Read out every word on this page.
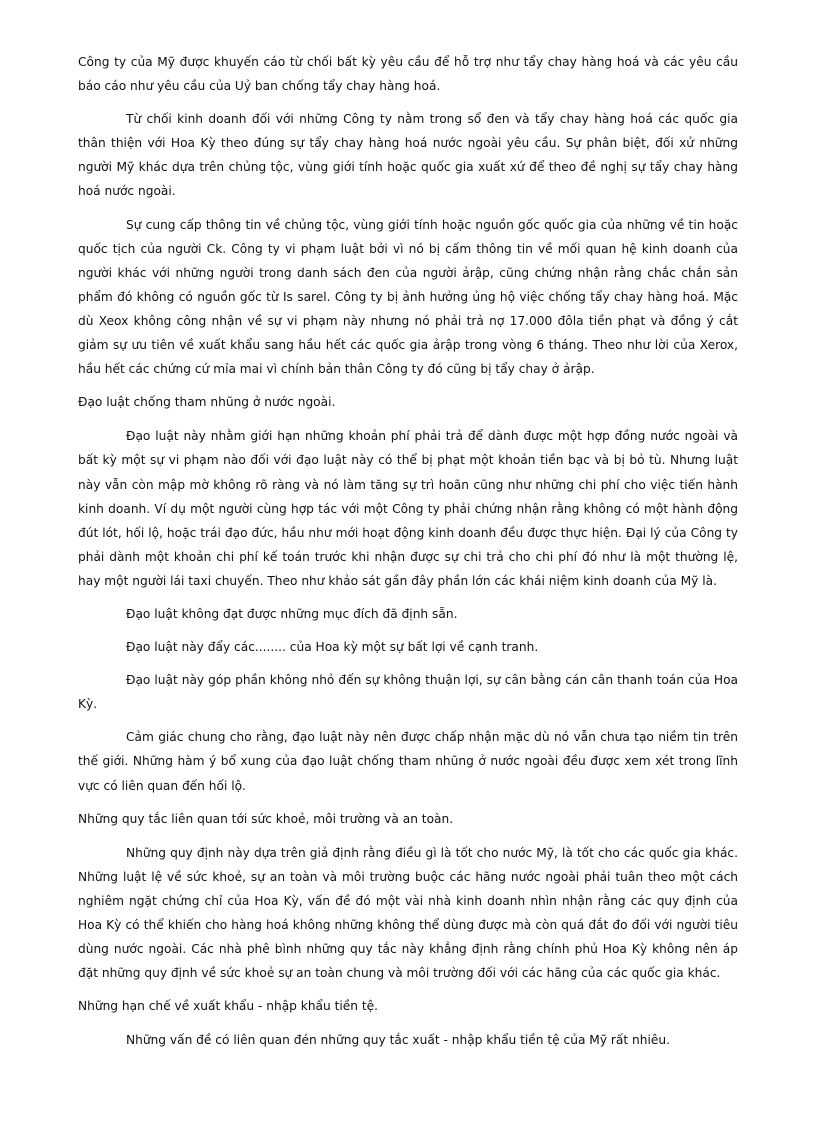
Công ty của Mỹ được khuyến cáo từ chối bất kỳ yêu cầu để hỗ trợ như tẩy chay hàng hoá và các yêu cầu báo cáo như yêu cầu của Uỷ ban chống tẩy chay hàng hoá.

Từ chối kinh doanh đối với những Công ty nằm trong sổ đen và tẩy chay hàng hoá các quốc gia thân thiện với Hoa Kỳ theo đúng sự tẩy chay hàng hoá nước ngoài yêu cầu. Sự phân biệt, đối xử những người Mỹ khác dựa trên chủng tộc, vùng giới tính hoặc quốc gia xuất xứ để theo đề nghị sự tẩy chay hàng hoá nước ngoài.

Sự cung cấp thông tin về chủng tộc, vùng giới tính hoặc nguồn gốc quốc gia của những về tin hoặc quốc tịch của người Ck. Công ty vi phạm luật bởi vì nó bị cấm thông tin về mối quan hệ kinh doanh của người khác với những người trong danh sách đen của người ảrập, cũng chứng nhận rằng chắc chắn sản phẩm đó không có nguồn gốc từ Is sarel. Công ty bị ảnh hưởng ủng hộ việc chống tẩy chay hàng hoá. Mặc dù Xeox không công nhận về sự vi phạm này nhưng nó phải trả nợ 17.000 đôla tiền phạt và đồng ý cắt giảm sự ưu tiên về xuất khẩu sang hầu hết các quốc gia ảrập trong vòng 6 tháng. Theo như lời của Xerox, hầu hết các chứng cứ mỉa mai vì chính bản thân Công ty đó cũng bị tẩy chay ở ảrập.

Đạo luật chống tham nhũng ở nước ngoài.

Đạo luật này nhằm giới hạn những khoản phí phải trả để dành được một hợp đồng nước ngoài và bất kỳ một sự vi phạm nào đối với đạo luật này có thể bị phạt một khoản tiền bạc và bị bỏ tù. Nhưng luật này vẫn còn mập mờ không rõ ràng và nó làm tăng sự trì hoãn cũng như những chi phí cho việc tiến hành kinh doanh. Ví dụ một người cùng hợp tác với một Công ty phải chứng nhận rằng không có một hành động đút lót, hối lộ, hoặc trái đạo đức, hầu như mới hoạt động kinh doanh đều được thực hiện. Đại lý của Công ty phải dành một khoản chi phí kế toán trước khi nhận được sự chi trả cho chi phí đó như là một thường lệ, hay một người lái taxi chuyến. Theo như khảo sát gần đây phần lớn các khái niệm kinh doanh của Mỹ là.

Đạo luật không đạt được những mục đích đã định sẵn.

Đạo luật này đẩy các........ của Hoa kỳ một sự bất lợi về cạnh tranh.

Đạo luật này góp phần không nhỏ đến sự không thuận lợi, sự cân bằng cán cân thanh toán của Hoa Kỳ.

Cảm giác chung cho rằng, đạo luật này nên được chấp nhận mặc dù nó vẫn chưa tạo niềm tin trên thế giới. Những hàm ý bổ xung của đạo luật chống tham nhũng ở nước ngoài đều được xem xét trong lĩnh vực có liên quan đến hối lộ.

Những quy tắc liên quan tới sức khoẻ, môi trường và an toàn.

Những quy định này dựa trên giả định rằng điều gì là tốt cho nước Mỹ, là tốt cho các quốc gia khác. Những luật lệ về sức khoẻ, sự an toàn và môi trường buộc các hãng nước ngoài phải tuân theo một cách nghiêm ngặt chứng chỉ của Hoa Kỳ, vấn đề đó một vài nhà kinh doanh nhìn nhận rằng các quy định của Hoa Kỳ có thể khiến cho hàng hoá không những không thể dùng được mà còn quá đắt đo đối với người tiêu dùng nước ngoài. Các nhà phê bình những quy tắc này khẳng định rằng chính phủ Hoa Kỳ không nên áp đặt những quy định về sức khoẻ sự an toàn chung và môi trường đối với các hãng của các quốc gia khác.

Những hạn chế về xuất khẩu - nhập khẩu tiền tệ.

Những vấn đề có liên quan đén những quy tắc xuất - nhập khẩu tiền tệ của Mỹ rất nhiêu.
